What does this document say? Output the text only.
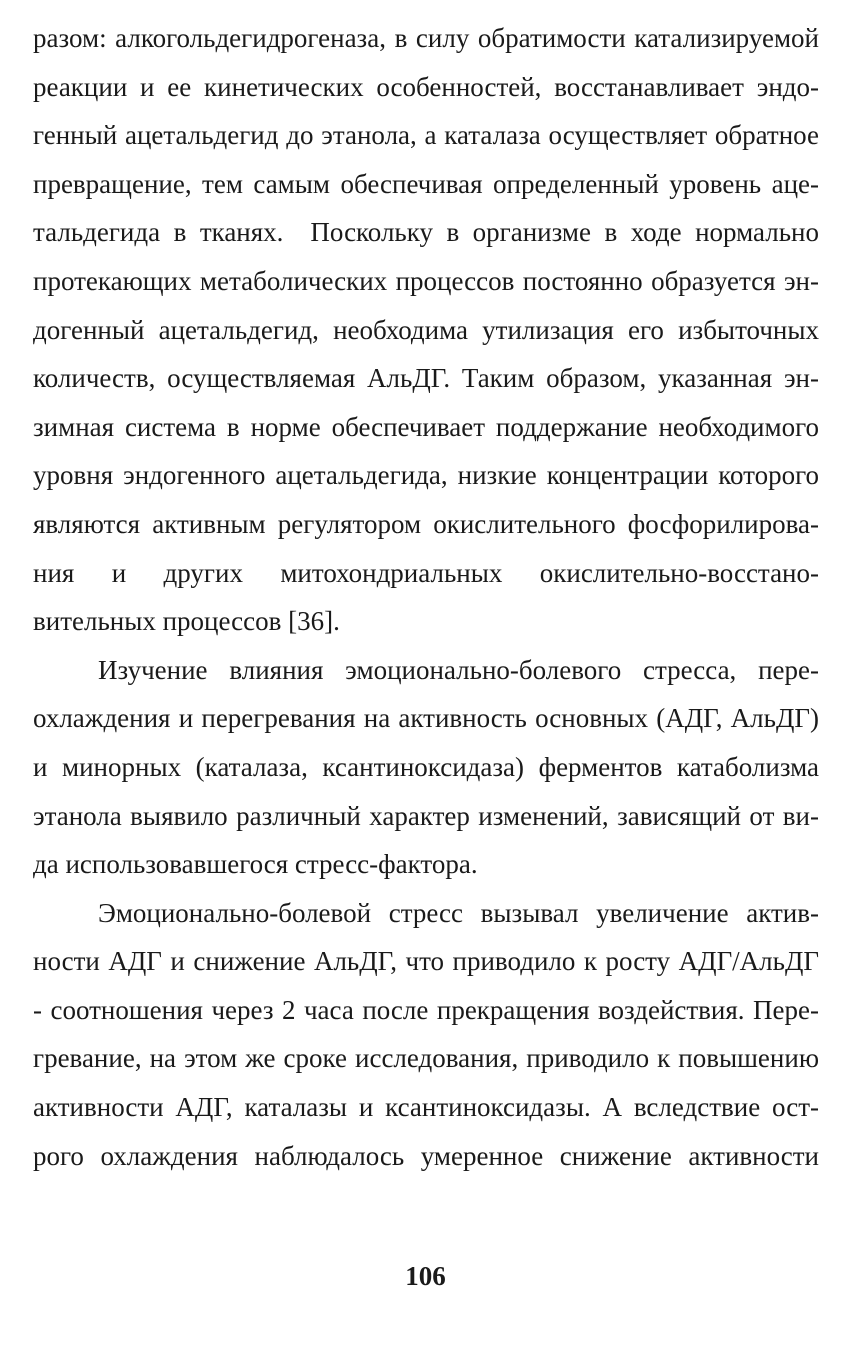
разом: алкогольдегидрогеназа, в силу обратимости катализируемой
реакции и ее кинетических особенностей, восстанавливает эндо-
генный ацетальдегид до этанола, а каталаза осуществляет обратное
превращение, тем самым обеспечивая определенный уровень аце-
тальдегида в тканях.  Поскольку в организме в ходе нормально
протекающих метаболических процессов постоянно образуется эн-
догенный ацетальдегид, необходима утилизация его избыточных
количеств, осуществляемая АльДГ. Таким образом, указанная эн-
зимная система в норме обеспечивает поддержание необходимого
уровня эндогенного ацетальдегида, низкие концентрации которого
являются активным регулятором окислительного фосфорилирова-
ния и других митохондриальных окислительно-восстано-
вительных процессов [36].
Изучение влияния эмоционально-болевого стресса, пере-
охлаждения и перегревания на активность основных (АДГ, АльДГ)
и минорных (каталаза, ксантиноксидаза) ферментов катаболизма
этанола выявило различный характер изменений, зависящий от ви-
да использовавшегося стресс-фактора.
Эмоционально-болевой стресс вызывал увеличение актив-
ности АДГ и снижение АльДГ, что приводило к росту АДГ/АльДГ
- соотношения через 2 часа после прекращения воздействия. Пере-
гревание, на этом же сроке исследования, приводило к повышению
активности АДГ, каталазы и ксантиноксидазы. А вследствие ост-
рого охлаждения наблюдалось умеренное снижение активности
106
